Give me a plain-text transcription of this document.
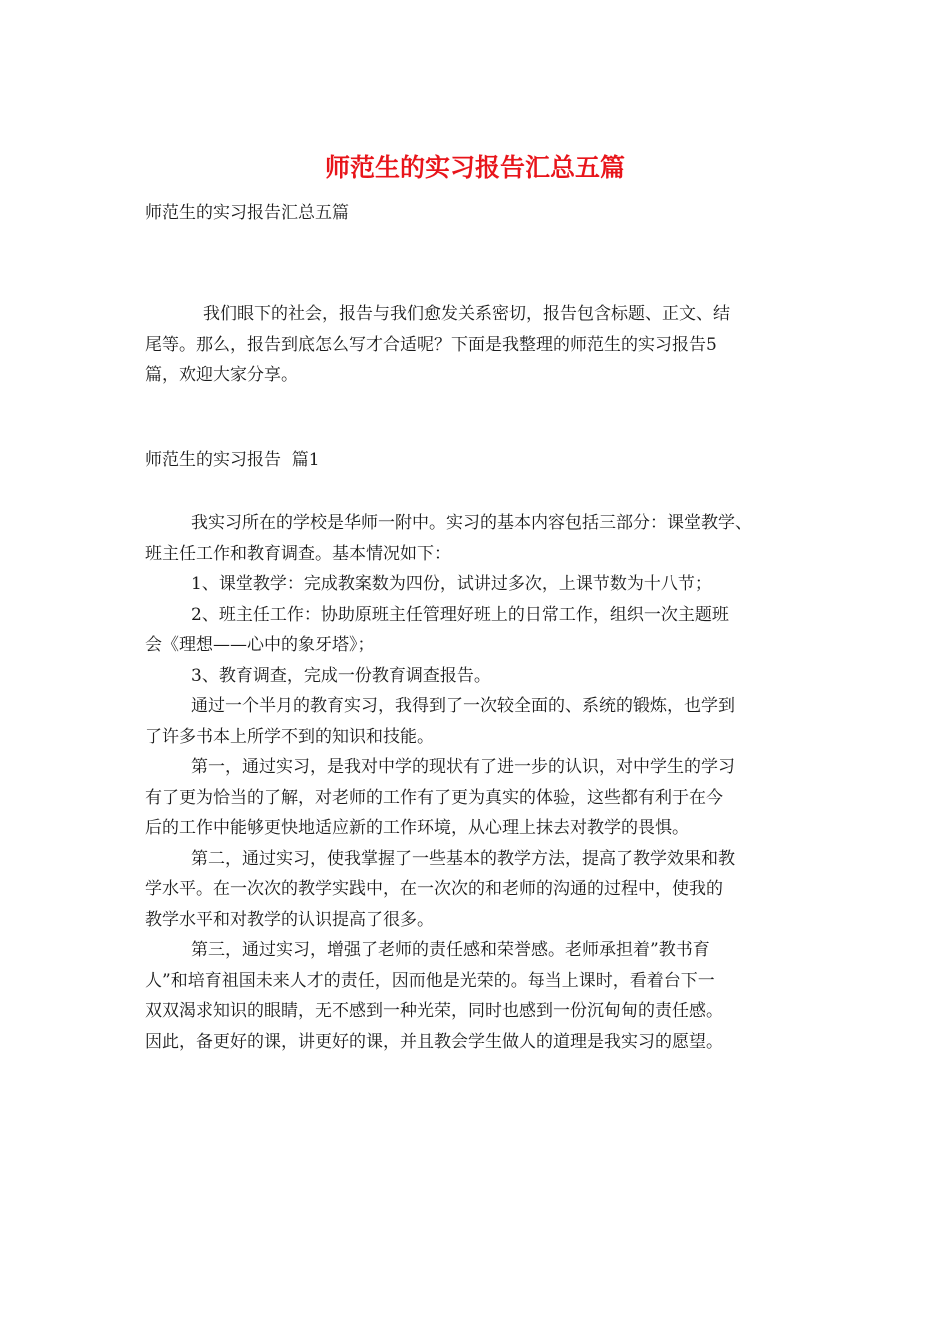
师范生的实习报告汇总五篇

师范生的实习报告汇总五篇

我们眼下的社会，报告与我们愈发关系密切，报告包含标题、正文、结
尾等。那么，报告到底怎么写才合适呢？下面是我整理的师范生的实习报告5
篇，欢迎大家分享。

师范生的实习报告  篇1

我实习所在的学校是华师一附中。实习的基本内容包括三部分：课堂教学、
班主任工作和教育调查。基本情况如下：
1、课堂教学：完成教案数为四份，试讲过多次，上课节数为十八节；
2、班主任工作：协助原班主任管理好班上的日常工作，组织一次主题班
会《理想——心中的象牙塔》；
3、教育调查，完成一份教育调查报告。
通过一个半月的教育实习，我得到了一次较全面的、系统的锻炼，也学到
了许多书本上所学不到的知识和技能。
第一，通过实习，是我对中学的现状有了进一步的认识，对中学生的学习
有了更为恰当的了解，对老师的工作有了更为真实的体验，这些都有利于在今
后的工作中能够更快地适应新的工作环境，从心理上抹去对教学的畏惧。
第二，通过实习，使我掌握了一些基本的教学方法，提高了教学效果和教
学水平。在一次次的教学实践中，在一次次的和老师的沟通的过程中，使我的
教学水平和对教学的认识提高了很多。
第三，通过实习，增强了老师的责任感和荣誉感。老师承担着”教书育
人”和培育祖国未来人才的责任，因而他是光荣的。每当上课时，看着台下一
双双渴求知识的眼睛，无不感到一种光荣，同时也感到一份沉甸甸的责任感。
因此，备更好的课，讲更好的课，并且教会学生做人的道理是我实习的愿望。
